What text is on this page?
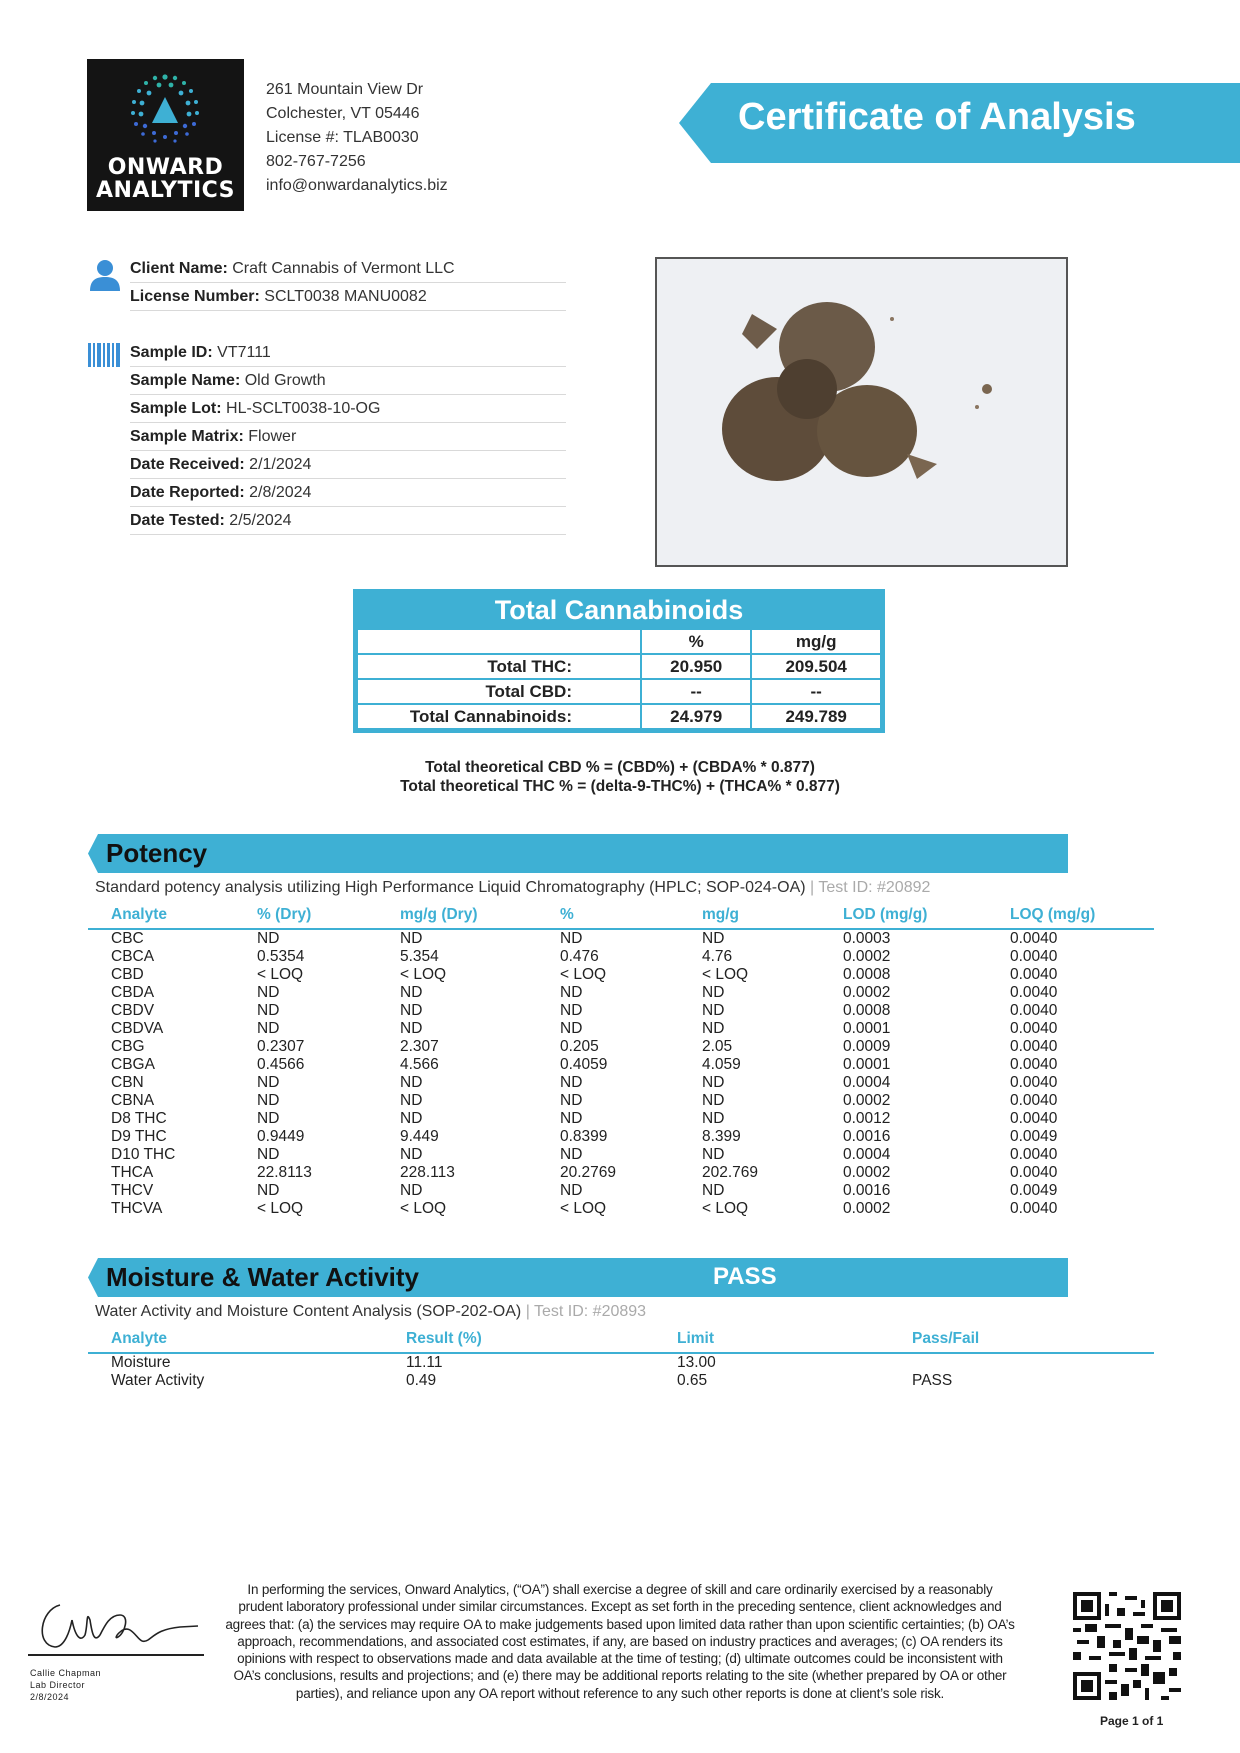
ONWARD
ANALYTICS
261 Mountain View Dr
Colchester, VT 05446
License #: TLAB0030
802-767-7256
info@onwardanalytics.biz
Certificate of Analysis
Client Name: Craft Cannabis of Vermont LLC
License Number: SCLT0038 MANU0082
Sample ID: VT7111
Sample Name: Old Growth
Sample Lot: HL-SCLT0038-10-OG
Sample Matrix: Flower
Date Received: 2/1/2024
Date Reported: 2/8/2024
Date Tested: 2/5/2024
Total Cannabinoids
	%	mg/g
Total THC:	20.950	209.504
Total CBD:	--	--
Total Cannabinoids:	24.979	249.789
Total theoretical CBD % = (CBD%) + (CBDA% * 0.877)
Total theoretical THC % = (delta-9-THC%) + (THCA% * 0.877)
Potency
Standard potency analysis utilizing High Performance Liquid Chromatography (HPLC; SOP-024-OA) | Test ID: #20892
	Analyte	% (Dry)	mg/g (Dry)	%	mg/g	LOD (mg/g)	LOQ (mg/g)
	CBC	ND	ND	ND	ND	0.0003	0.0040
	CBCA	0.5354	5.354	0.476	4.76	0.0002	0.0040
	CBD	< LOQ	< LOQ	< LOQ	< LOQ	0.0008	0.0040
	CBDA	ND	ND	ND	ND	0.0002	0.0040
	CBDV	ND	ND	ND	ND	0.0008	0.0040
	CBDVA	ND	ND	ND	ND	0.0001	0.0040
	CBG	0.2307	2.307	0.205	2.05	0.0009	0.0040
	CBGA	0.4566	4.566	0.4059	4.059	0.0001	0.0040
	CBN	ND	ND	ND	ND	0.0004	0.0040
	CBNA	ND	ND	ND	ND	0.0002	0.0040
	D8 THC	ND	ND	ND	ND	0.0012	0.0040
	D9 THC	0.9449	9.449	0.8399	8.399	0.0016	0.0049
	D10 THC	ND	ND	ND	ND	0.0004	0.0040
	THCA	22.8113	228.113	20.2769	202.769	0.0002	0.0040
	THCV	ND	ND	ND	ND	0.0016	0.0049
	THCVA	< LOQ	< LOQ	< LOQ	< LOQ	0.0002	0.0040
Moisture & Water Activity	PASS
Water Activity and Moisture Content Analysis (SOP-202-OA) | Test ID: #20893
	Analyte	Result (%)	Limit	Pass/Fail
	Moisture	11.11	13.00	
	Water Activity	0.49	0.65	PASS
Callie Chapman
Lab Director
2/8/2024
In performing the services, Onward Analytics, (“OA”) shall exercise a degree of skill and care ordinarily exercised by a reasonably prudent laboratory professional under similar circumstances. Except as set forth in the preceding sentence, client acknowledges and agrees that: (a) the services may require OA to make judgements based upon limited data rather than upon scientific certainties; (b) OA’s approach, recommendations, and associated cost estimates, if any, are based on industry practices and averages; (c) OA renders its opinions with respect to observations made and data available at the time of testing; (d) ultimate outcomes could be inconsistent with OA’s conclusions, results and projections; and (e) there may be additional reports relating to the site (whether prepared by OA or other parties), and reliance upon any OA report without reference to any such other reports is done at client’s sole risk.
Page 1 of 1
